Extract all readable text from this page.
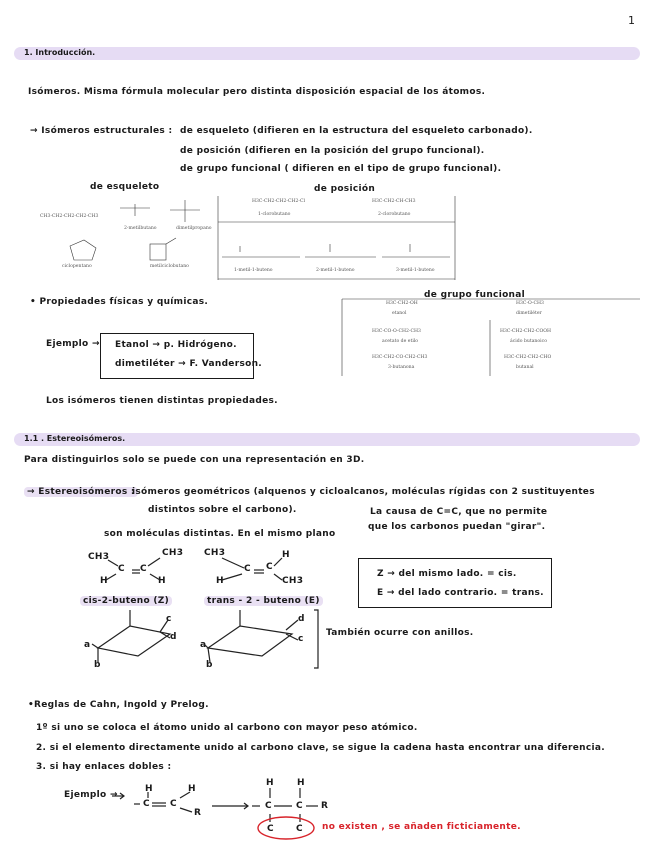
1
1. Introducción.
Isómeros. Misma fórmula molecular pero distinta disposición espacial de los átomos.
→ Isómeros estructurales : de esqueleto (difieren en la estructura del esqueleto carbonado).
de posición (difieren en la posición del grupo funcional).
de grupo funcional ( difieren en el tipo de grupo funcional).
de esqueleto	de posición
CH3-CH2-CH2-CH2-CH3
2-metilbutano	dimetilpropano
ciclopentano	metilciclobutano
H3C-CH2-CH2-CH2-Cl
1-clorobutano
H3C-CH2-CH-CH3
2-clorobutano
1-metil-1-buteno	2-metil-1-buteno	3-metil-1-buteno
de grupo funcional
H3C-CH2-OH
etanol
H3C-O-CH3
dimetiléter
H3C-CO-O-CH2-CH3
acetato de etilo
H3C-CH2-CH2-COOH
ácido butanoico
H3C-CH2-CO-CH2-CH3
3-butanona
H3C-CH2-CH2-CHO
butanal
• Propiedades físicas y químicas.
Ejemplo → Etanol → p. Hidrógeno.
dimetiléter → F. Vanderson.
Los isómeros tienen distintas propiedades.
1.1 . Estereoisómeros.
Para distinguirlos solo se puede con una representación en 3D.
→ Estereoisómeros :
isómeros geométricos (alquenos y cicloalcanos, moléculas rígidas con 2 sustituyentes
distintos sobre el carbono).	La causa de C=C, que no permite
que los carbonos puedan "girar".
son moléculas distintas. En el mismo plano
CH3	CH3
C C
H	H
CH3
C C
H
H
CH3
cis-2-buteno (Z)	trans - 2 - buteno (E)
Z → del mismo lado. = cis.
E → del lado contrario. = trans.
c
a
d
b
d
a
c
b
También ocurre con anillos.
•Reglas de Cahn, Ingold y Prelog.
1º si uno se coloca el átomo unido al carbono con mayor peso atómico.
2. si el elemento directamente unido al carbono clave, se sigue la cadena hasta encontrar una diferencia.
3. si hay enlaces dobles :
Ejemplo →
H	H
C C
R
H	H
C	C R
C C no existen , se añaden ficticiamente.
